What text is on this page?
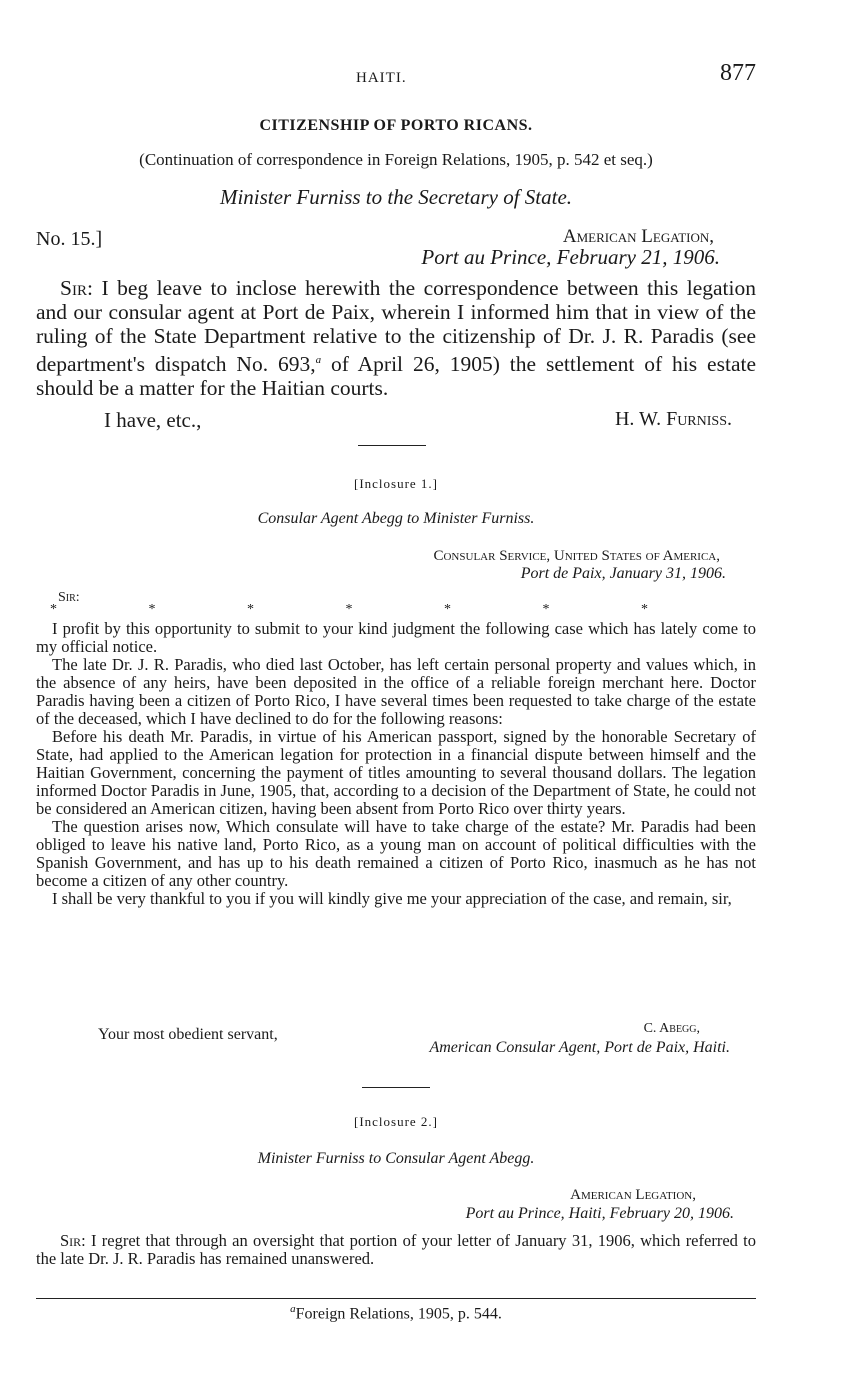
HAITI.	877
CITIZENSHIP OF PORTO RICANS.
(Continuation of correspondence in Foreign Relations, 1905, p. 542 et seq.)
Minister Furniss to the Secretary of State.
No. 15.]	American Legation,
Port au Prince, February 21, 1906.
Sir: I beg leave to inclose herewith the correspondence between this legation and our consular agent at Port de Paix, wherein I informed him that in view of the ruling of the State Department relative to the citizenship of Dr. J. R. Paradis (see department's dispatch No. 693,$^a$ of April 26, 1905) the settlement of his estate should be a matter for the Haitian courts.
I have, etc.,	H. W. Furniss.
[Inclosure 1.]
Consular Agent Abegg to Minister Furniss.
Consular Service, United States of America,
Port de Paix, January 31, 1906.
Sir:
* * * * * * *
I profit by this opportunity to submit to your kind judgment the following case which has lately come to my official notice.
The late Dr. J. R. Paradis, who died last October, has left certain personal property and values which, in the absence of any heirs, have been deposited in the office of a reliable foreign merchant here. Doctor Paradis having been a citizen of Porto Rico, I have several times been requested to take charge of the estate of the deceased, which I have declined to do for the following reasons:
Before his death Mr. Paradis, in virtue of his American passport, signed by the honorable Secretary of State, had applied to the American legation for protection in a financial dispute between himself and the Haitian Government, concerning the payment of titles amounting to several thousand dollars. The legation informed Doctor Paradis in June, 1905, that, according to a decision of the Department of State, he could not be considered an American citizen, having been absent from Porto Rico over thirty years.
The question arises now, Which consulate will have to take charge of the estate? Mr. Paradis had been obliged to leave his native land, Porto Rico, as a young man on account of political difficulties with the Spanish Government, and has up to his death remained a citizen of Porto Rico, inasmuch as he has not become a citizen of any other country.
I shall be very thankful to you if you will kindly give me your appreciation of the case, and remain, sir,
Your most obedient servant,	C. Abegg,
American Consular Agent, Port de Paix, Haiti.
[Inclosure 2.]
Minister Furniss to Consular Agent Abegg.
American Legation,
Port au Prince, Haiti, February 20, 1906.
Sir: I regret that through an oversight that portion of your letter of January 31, 1906, which referred to the late Dr. J. R. Paradis has remained unanswered.
$^a$Foreign Relations, 1905, p. 544.
